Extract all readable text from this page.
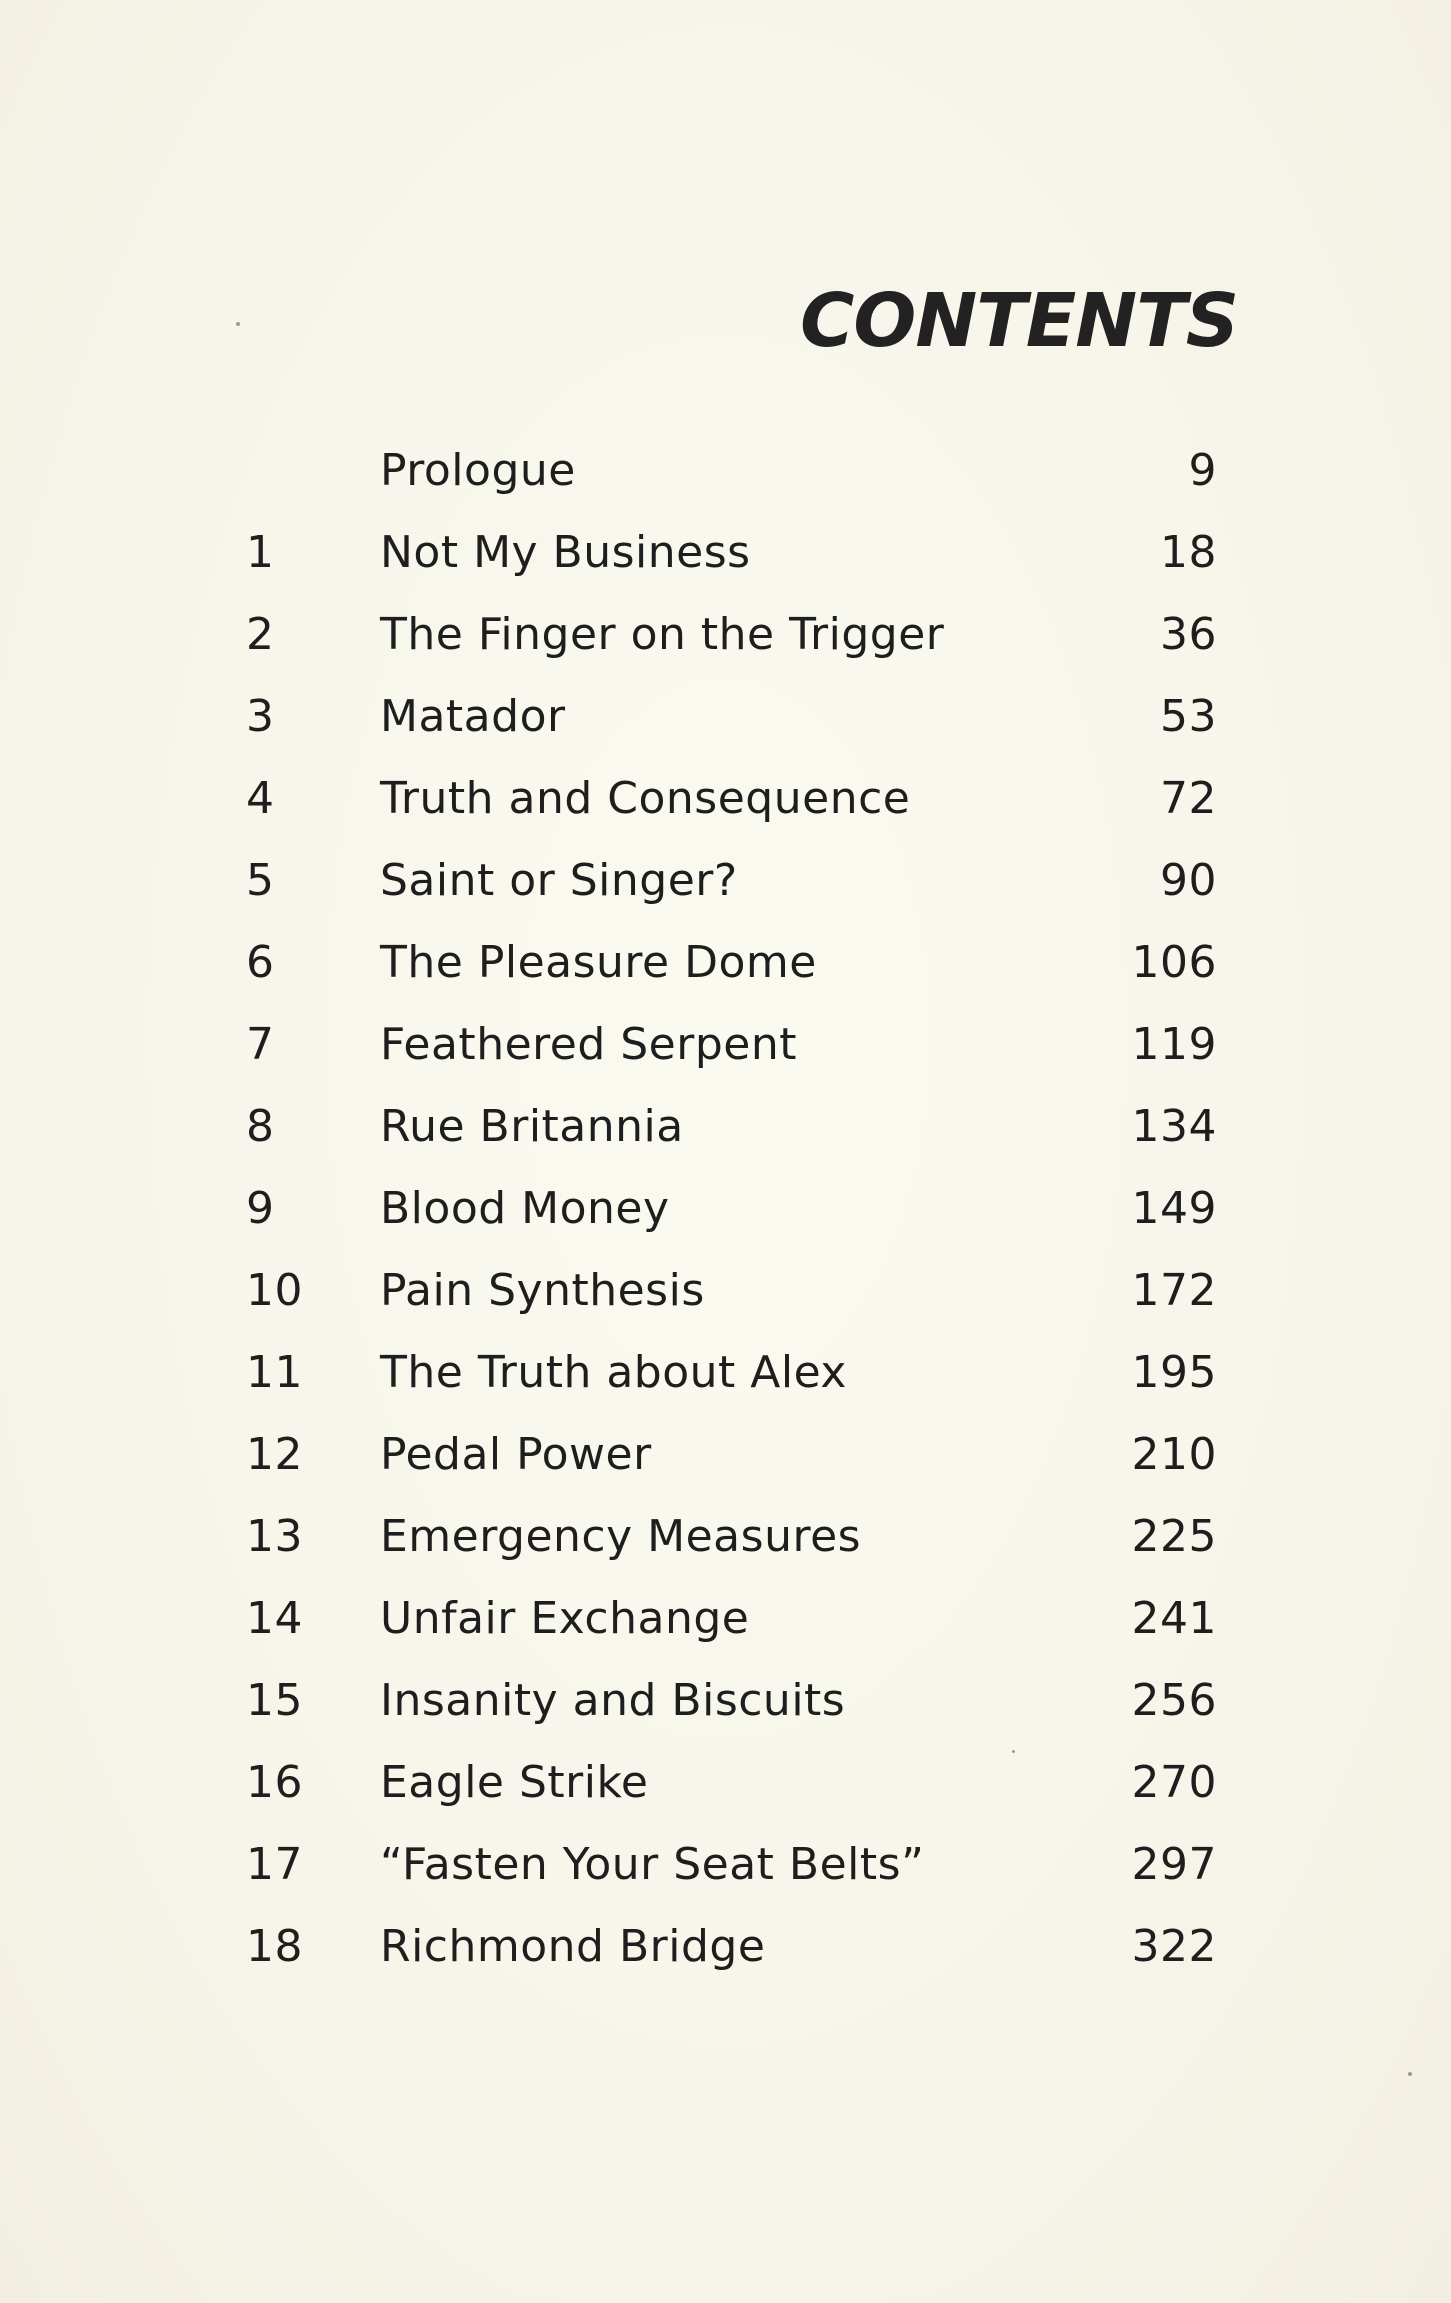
CONTENTS
Prologue	9
1 Not My Business	18
2 The Finger on the Trigger	36
3 Matador	53
4 Truth and Consequence	72
5 Saint or Singer?	90
6 The Pleasure Dome	106
7 Feathered Serpent	119
8 Rue Britannia	134
9 Blood Money	149
10 Pain Synthesis	172
11 The Truth about Alex	195
12 Pedal Power	210
13 Emergency Measures	225
14 Unfair Exchange	241
15 Insanity and Biscuits	256
16 Eagle Strike	270
17 “Fasten Your Seat Belts”	297
18 Richmond Bridge	322
